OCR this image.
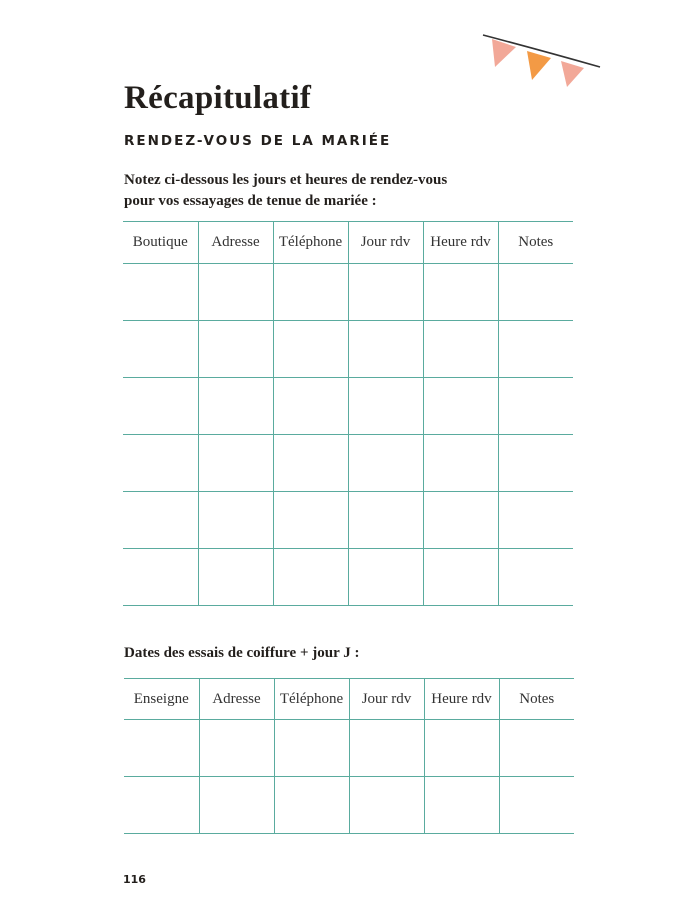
Récapitulatif
RENDEZ-VOUS DE LA MARIÉE
Notez ci-dessous les jours et heures de rendez-vous pour vos essayages de tenue de mariée :
Boutique	Adresse	Téléphone	Jour rdv	Heure rdv	Notes

Dates des essais de coiffure + jour J :
Enseigne	Adresse	Téléphone	Jour rdv	Heure rdv	Notes

116
